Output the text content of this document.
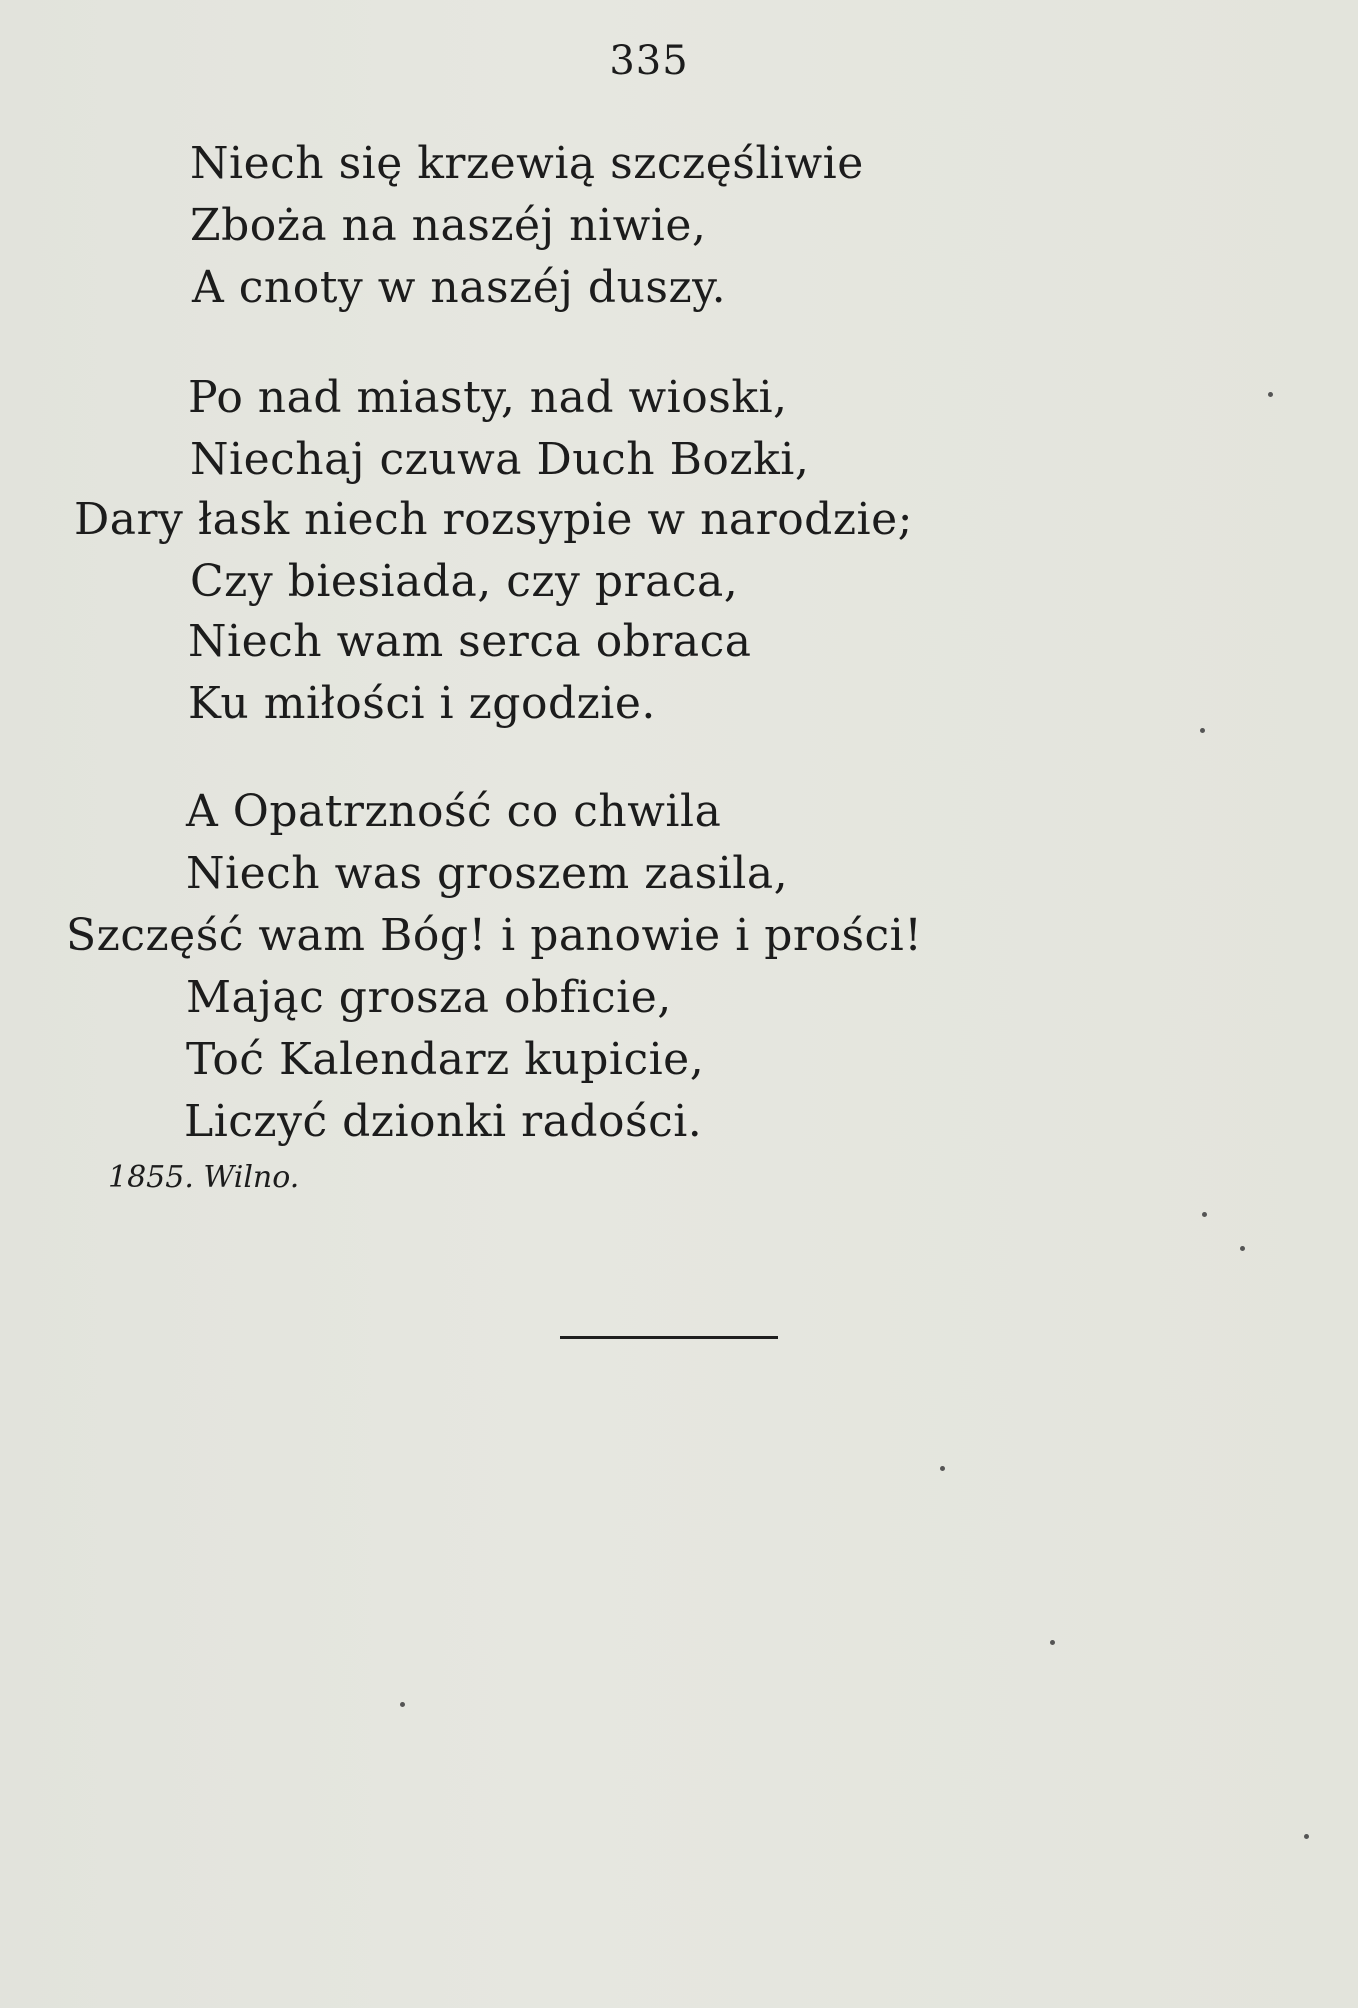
335
Niech się krzewią szczęśliwie
Zboża na naszéj niwie,
A cnoty w naszéj duszy.
Po nad miasty, nad wioski,
Niechaj czuwa Duch Bozki,
Dary łask niech rozsypie w narodzie;
Czy biesiada, czy praca,
Niech wam serca obraca
Ku miłości i zgodzie.
A Opatrzność co chwila
Niech was groszem zasila,
Szczęść wam Bóg! i panowie i prości!
Mając grosza obficie,
Toć Kalendarz kupicie,
Liczyć dzionki radości.
1855. Wilno.
